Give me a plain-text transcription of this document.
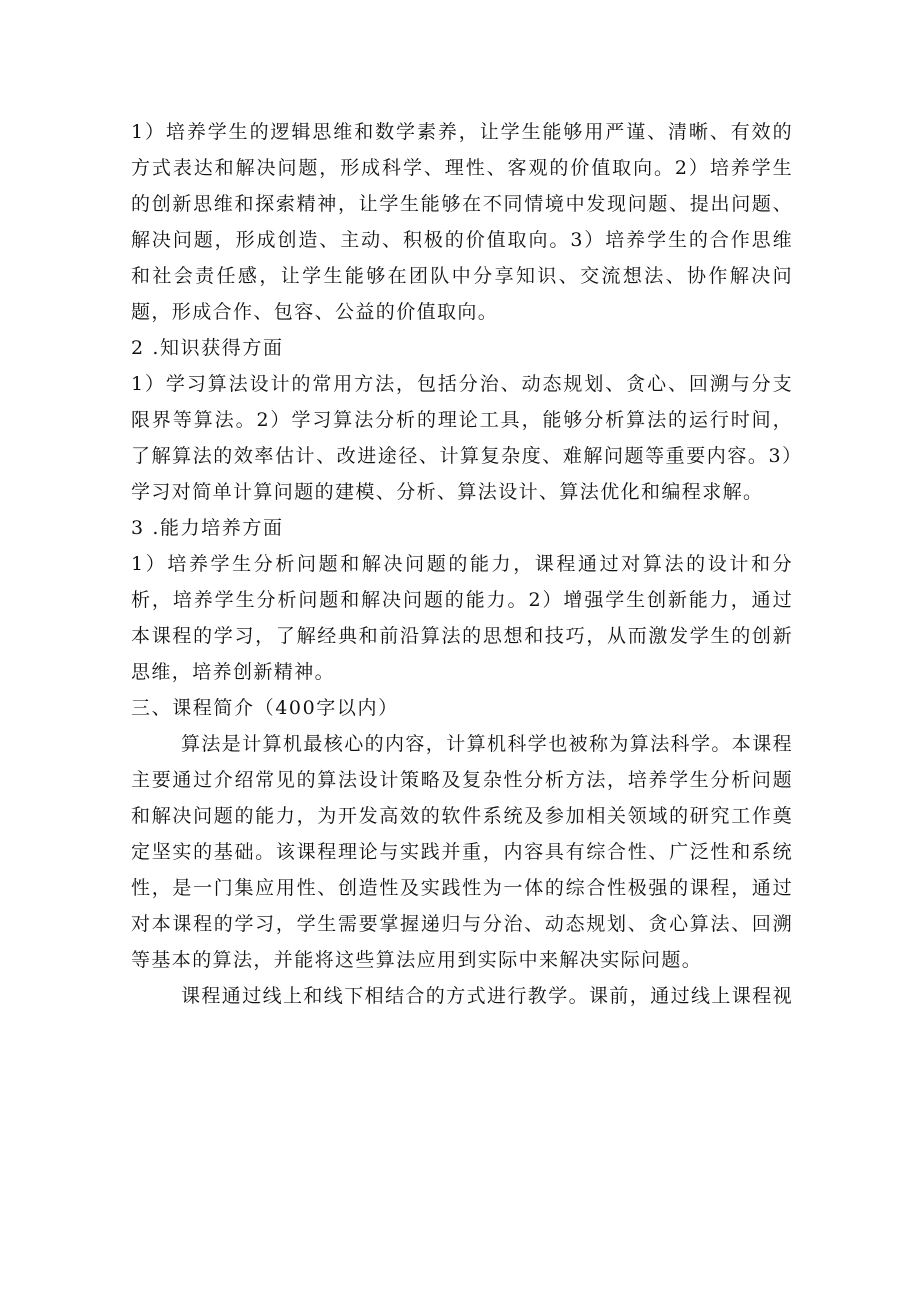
1）培养学生的逻辑思维和数学素养，让学生能够用严谨、清晰、有效的方式表达和解决问题，形成科学、理性、客观的价值取向。2）培养学生的创新思维和探索精神，让学生能够在不同情境中发现问题、提出问题、解决问题，形成创造、主动、积极的价值取向。3）培养学生的合作思维和社会责任感，让学生能够在团队中分享知识、交流想法、协作解决问题，形成合作、包容、公益的价值取向。

2 .知识获得方面

1）学习算法设计的常用方法，包括分治、动态规划、贪心、回溯与分支限界等算法。2）学习算法分析的理论工具，能够分析算法的运行时间，了解算法的效率估计、改进途径、计算复杂度、难解问题等重要内容。3）学习对简单计算问题的建模、分析、算法设计、算法优化和编程求解。

3 .能力培养方面

1）培养学生分析问题和解决问题的能力，课程通过对算法的设计和分析，培养学生分析问题和解决问题的能力。2）增强学生创新能力，通过本课程的学习，了解经典和前沿算法的思想和技巧，从而激发学生的创新思维，培养创新精神。

三、课程简介（400字以内）

算法是计算机最核心的内容，计算机科学也被称为算法科学。本课程主要通过介绍常见的算法设计策略及复杂性分析方法，培养学生分析问题和解决问题的能力，为开发高效的软件系统及参加相关领域的研究工作奠定坚实的基础。该课程理论与实践并重，内容具有综合性、广泛性和系统性，是一门集应用性、创造性及实践性为一体的综合性极强的课程，通过对本课程的学习，学生需要掌握递归与分治、动态规划、贪心算法、回溯等基本的算法，并能将这些算法应用到实际中来解决实际问题。

课程通过线上和线下相结合的方式进行教学。课前，通过线上课程视
